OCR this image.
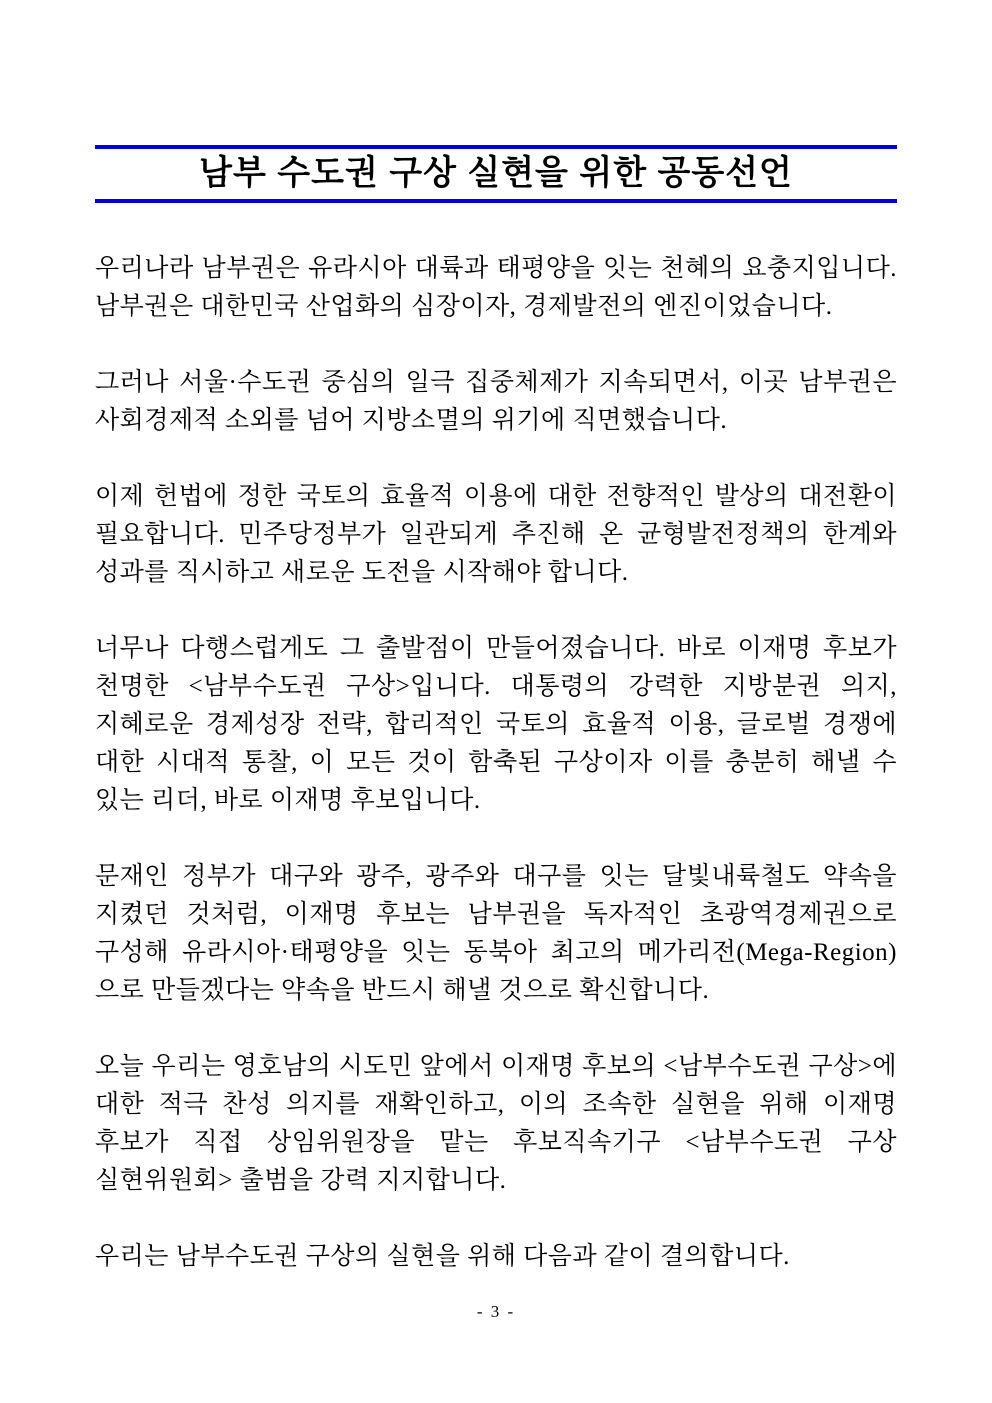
남부 수도권 구상 실현을 위한 공동선언

우리나라 남부권은 유라시아 대륙과 태평양을 잇는 천혜의 요충지입니다. 남부권은 대한민국 산업화의 심장이자, 경제발전의 엔진이었습니다.

그러나 서울·수도권 중심의 일극 집중체제가 지속되면서, 이곳 남부권은 사회경제적 소외를 넘어 지방소멸의 위기에 직면했습니다.

이제 헌법에 정한 국토의 효율적 이용에 대한 전향적인 발상의 대전환이 필요합니다. 민주당정부가 일관되게 추진해 온 균형발전정책의 한계와 성과를 직시하고 새로운 도전을 시작해야 합니다.

너무나 다행스럽게도 그 출발점이 만들어졌습니다. 바로 이재명 후보가 천명한 <남부수도권 구상>입니다. 대통령의 강력한 지방분권 의지, 지혜로운 경제성장 전략, 합리적인 국토의 효율적 이용, 글로벌 경쟁에 대한 시대적 통찰, 이 모든 것이 함축된 구상이자 이를 충분히 해낼 수 있는 리더, 바로 이재명 후보입니다.

문재인 정부가 대구와 광주, 광주와 대구를 잇는 달빛내륙철도 약속을 지켰던 것처럼, 이재명 후보는 남부권을 독자적인 초광역경제권으로 구성해 유라시아·태평양을 잇는 동북아 최고의 메가리전(Mega-Region)으로 만들겠다는 약속을 반드시 해낼 것으로 확신합니다.

오늘 우리는 영호남의 시도민 앞에서 이재명 후보의 <남부수도권 구상>에 대한 적극 찬성 의지를 재확인하고, 이의 조속한 실현을 위해 이재명 후보가 직접 상임위원장을 맡는 후보직속기구 <남부수도권 구상 실현위원회> 출범을 강력 지지합니다.

우리는 남부수도권 구상의 실현을 위해 다음과 같이 결의합니다.

- 3 -
